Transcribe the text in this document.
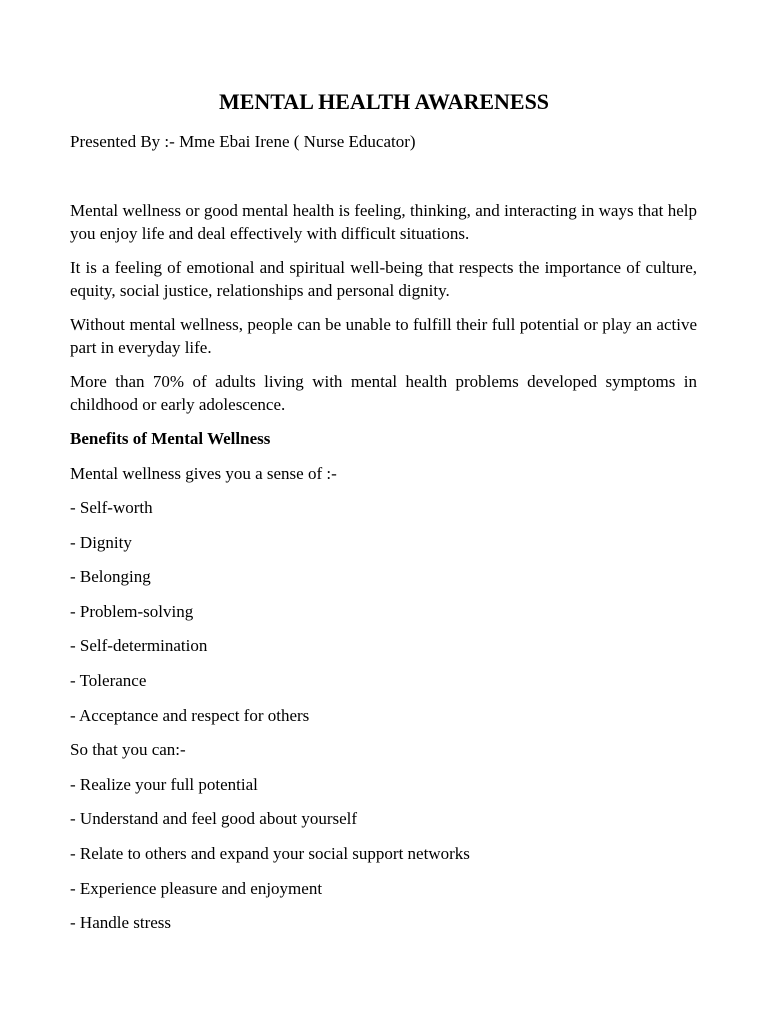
MENTAL HEALTH AWARENESS

Presented By :- Mme Ebai Irene ( Nurse Educator)

Mental wellness or good mental health is feeling, thinking, and interacting in ways that help you enjoy life and deal effectively with difficult situations.

It is a feeling of emotional and spiritual well-being that respects the importance of culture, equity, social justice, relationships and personal dignity.

Without mental wellness, people can be unable to fulfill their full potential or play an active part in everyday life.

More than 70% of adults living with mental health problems developed symptoms in childhood or early adolescence.

Benefits of Mental Wellness

Mental wellness gives you a sense of :-

- Self-worth

- Dignity

- Belonging

- Problem-solving

- Self-determination

- Tolerance

- Acceptance and respect for others

So that you can:-

- Realize your full potential

- Understand and feel good about yourself

- Relate to others and expand your social support networks

- Experience pleasure and enjoyment

- Handle stress
